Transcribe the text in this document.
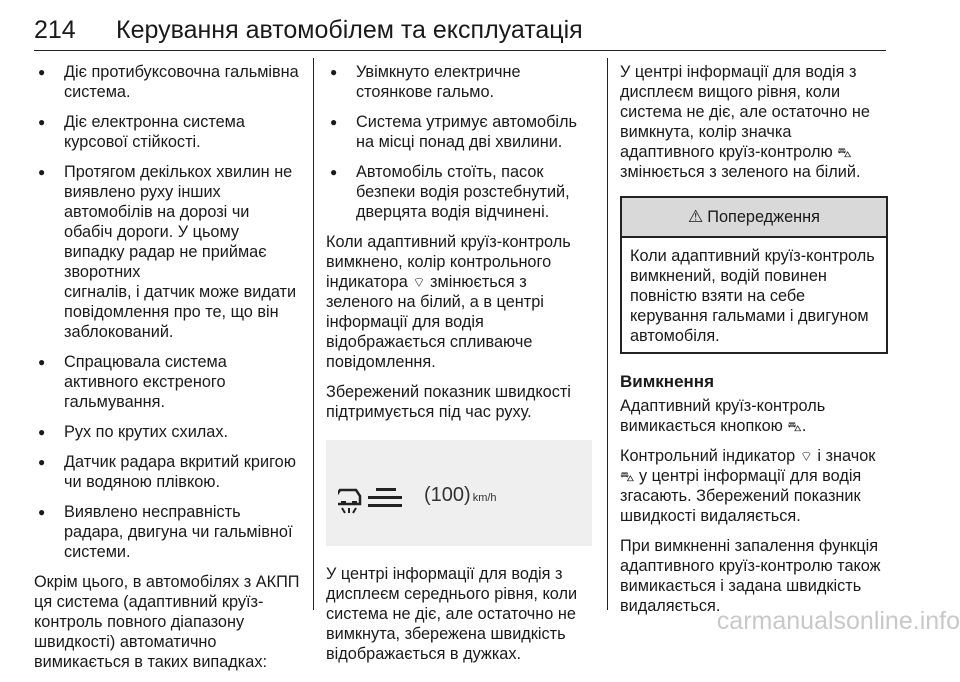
214 Керування автомобілем та експлуатація
● Діє протибуксовочна гальмівна система.
● Діє електронна система курсової стійкості.
● Протягом декількох хвилин не виявлено руху інших
автомобілів на дорозі чи обабіч дороги. У цьому випадку радар не приймає зворотних
сигналів, і датчик може видати повідомлення про те, що він заблокований.
● Спрацювала система активного екстреного гальмування.
● Рух по крутих схилах.
● Датчик радара вкритий кригою чи водяною плівкою.
● Виявлено несправність радара, двигуна чи гальмівної системи.

Окрім цього, в автомобілях з АКПП ця система (адаптивний круїз-
контроль повного діапазону швидкості) автоматично
вимикається в таких випадках:

● Увімкнуто електричне стоянкове гальмо.
● Система утримує автомобіль на місці понад дві хвилини.
● Автомобіль стоїть, пасок безпеки водія розстебнутий, дверцята водія відчинені.

Коли адаптивний круїз-контроль вимкнено, колір контрольного індикатора ⌔ змінюється з зеленого на білий, а в центрі інформації для водія відображається спливаюче повідомлення.

Збережений показник швидкості підтримується під час руху.

(100) km/h

У центрі інформації для водія з дисплеєм середнього рівня, коли система не діє, але остаточно не вимкнута, збережена швидкість відображається в дужках.

У центрі інформації для водія з дисплеєм вищого рівня, коли система не діє, але остаточно не вимкнута, колір значка
адаптивного круїз-контролю ⛍
змінюється з зеленого на білий.

⚠ Попередження
Коли адаптивний круїз-контроль вимкнений, водій повинен
повністю взяти на себе
керування гальмами і двигуном автомобіля.
Вимкнення

Адаптивний круїз-контроль вимикається кнопкою ⛍.

Контрольний індикатор ⌔ і значок
⛍ у центрі інформації для водія згасають. Збережений показник швидкості видаляється.

При вимкненні запалення функція адаптивного круїз-контролю також вимикається і задана швидкість видаляється.

carmanualsonline.info
